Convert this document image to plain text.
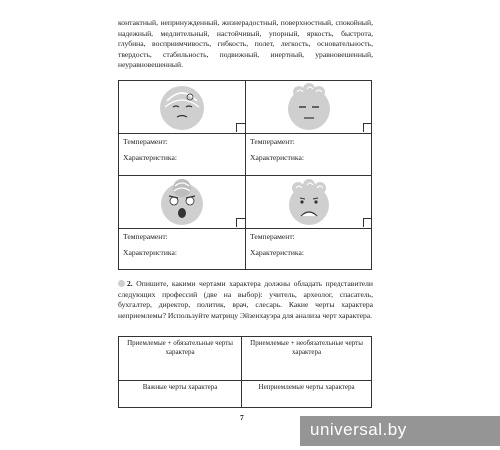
контактный, непринужденный, жизнерадостный, поверхностный, спокойный, надежный, медлительный, настойчивый, упорный, яркость, быстрота, глубина, восприимчивость, гибкость, полет, легкость, основательность, твердость, стабильность, подвижный, инертный, уравновешенный, неуравновешенный.
Темперамент:
Характеристика:
Темперамент:
Характеристика:
Темперамент:
Характеристика:
Темперамент:
Характеристика:
2. Опишите, какими чертами характера должны обладать представители следующих профессий (две на выбор): учитель, археолог, спасатель, бухгалтер, директор, политик, врач, слесарь. Какие черты характера неприемлемы? Используйте матрицу Эйзенхауэра для анализа черт характера.
Приемлемые + обязательные черты характера	Приемлемые + необязательные черты характера
Важные черты характера	Неприемлемые черты характера
7
universal.by
